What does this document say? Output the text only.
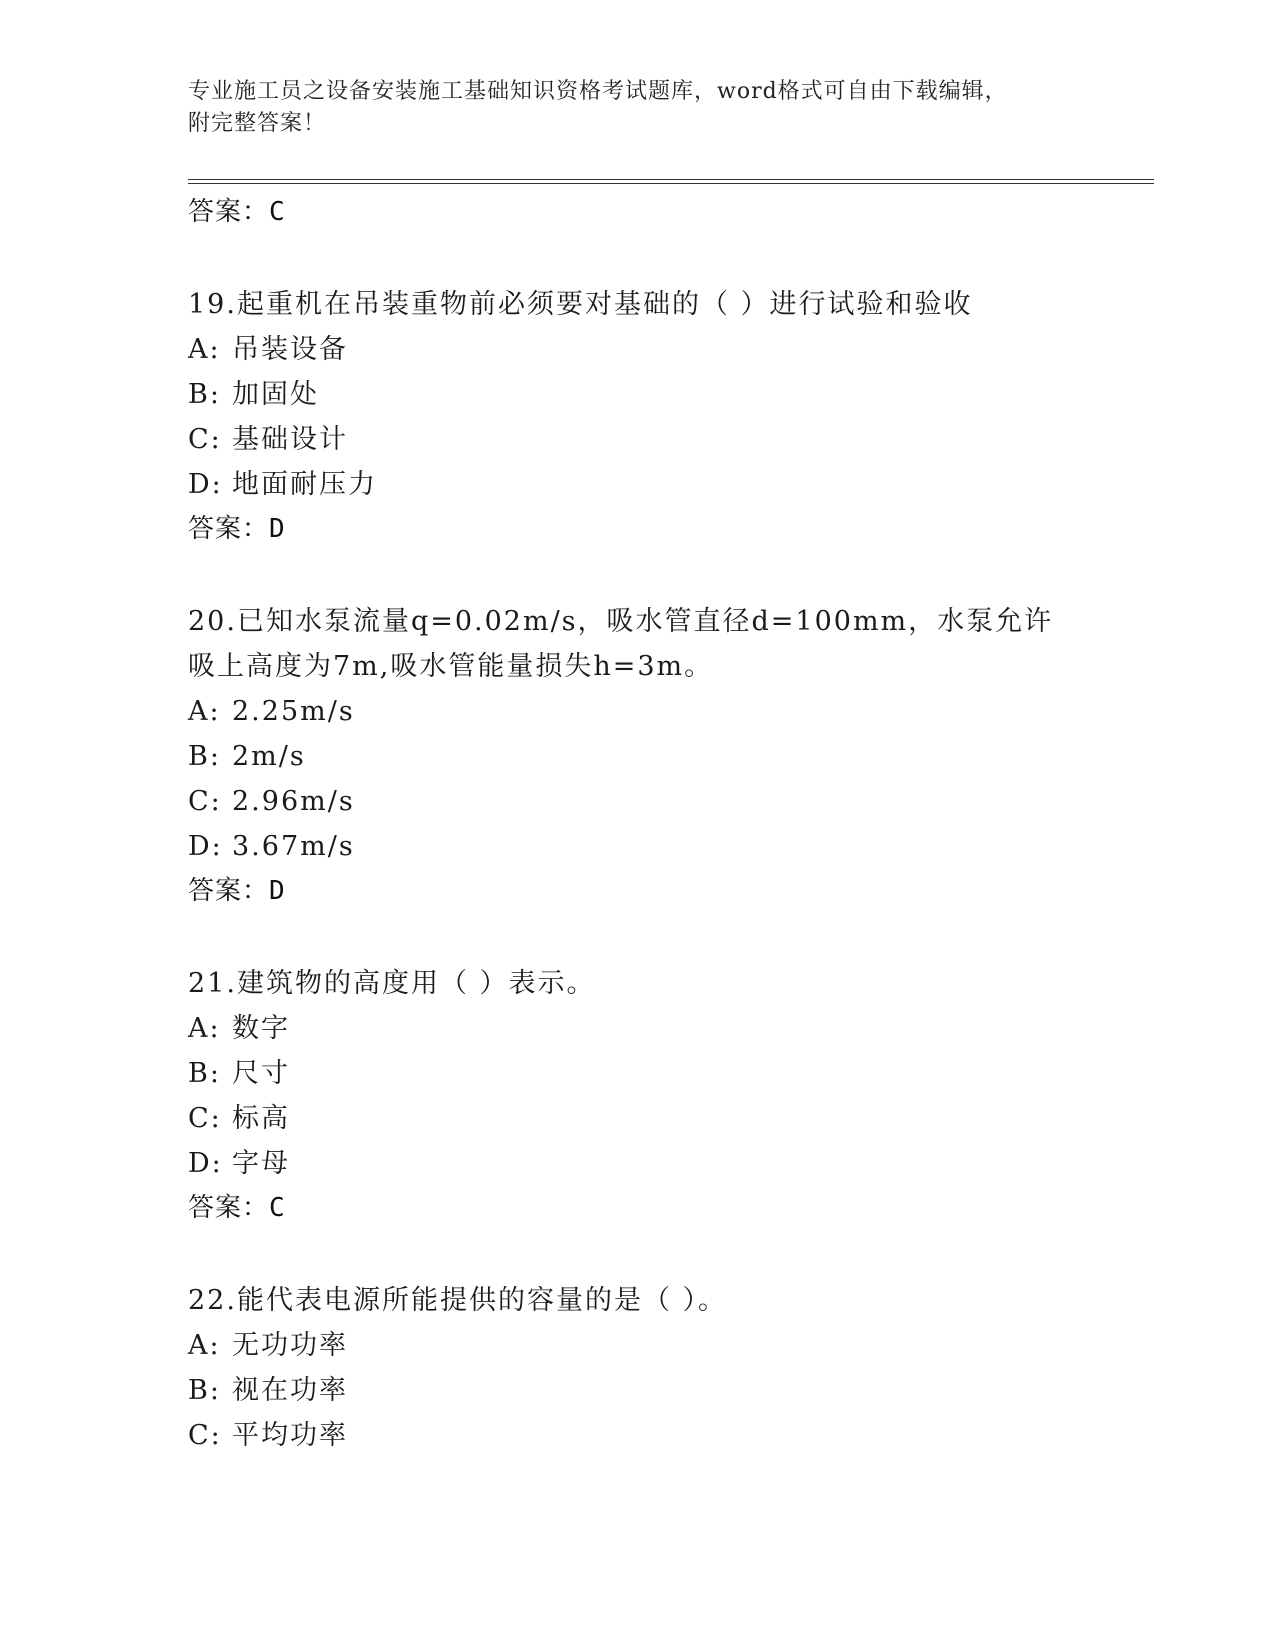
专业施工员之设备安装施工基础知识资格考试题库，word格式可自由下载编辑，
附完整答案！
答案：C

19.起重机在吊装重物前必须要对基础的（ ）进行试验和验收

A: 吊装设备
B: 加固处
C: 基础设计
D: 地面耐压力
答案：D

20.已知水泵流量q=0.02m/s，吸水管直径d=100mm，水泵允许吸上高度为7m,吸水管能量损失h=3m。

A: 2.25m/s
B: 2m/s
C: 2.96m/s
D: 3.67m/s
答案：D

21.建筑物的高度用（ ）表示。

A: 数字
B: 尺寸
C: 标高
D: 字母
答案：C

22.能代表电源所能提供的容量的是（ ）。

A: 无功功率
B: 视在功率
C: 平均功率
